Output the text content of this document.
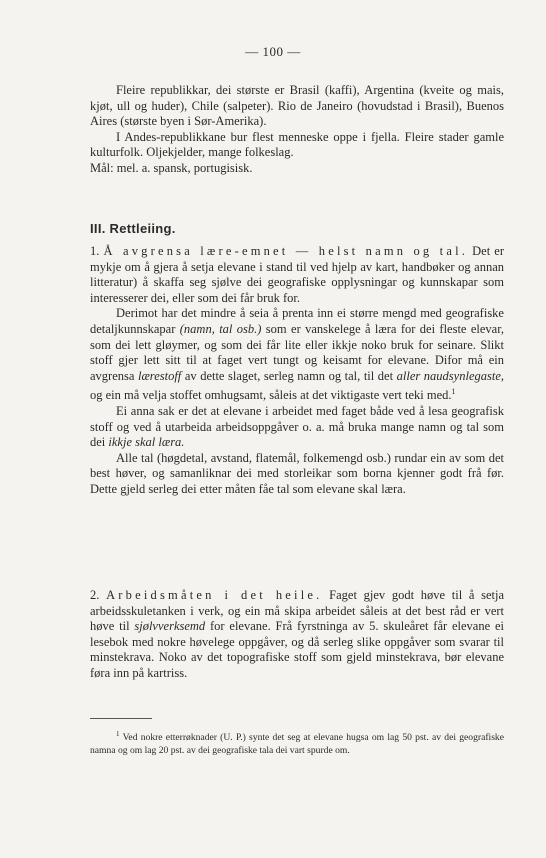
— 100 —

Fleire republikkar, dei største er Brasil (kaffi), Argentina (kveite og mais, kjøt, ull og huder), Chile (salpeter). Rio de Janeiro (hovudstad i Brasil), Buenos Aires (største byen i Sør-Amerika).

I Andes-republikkane bur flest menneske oppe i fjella. Fleire stader gamle kulturfolk. Oljekjelder, mange folkeslag.

Mål: mel. a. spansk, portugisisk.

III. Rettleiing.

1. Å avgrensa lære-emnet — helst namn og tal. Det er mykje om å gjera å setja elevane i stand til ved hjelp av kart, handbøker og annan litteratur) å skaffa seg sjølve dei geografiske opplysningar og kunnskapar som interesserer dei, eller som dei får bruk for.

Derimot har det mindre å seia å prenta inn ei større mengd med geografiske detaljkunnskapar (namn, tal osb.) som er vanskelege å læra for dei fleste elevar, som dei lett gløymer, og som dei får lite eller ikkje noko bruk for seinare. Slikt stoff gjer lett sitt til at faget vert tungt og keisamt for elevane. Difor må ein avgrensa lærestoff av dette slaget, serleg namn og tal, til det aller naudsynlegaste, og ein må velja stoffet omhugsamt, såleis at det viktigaste vert teki med.$^1$

Ei anna sak er det at elevane i arbeidet med faget både ved å lesa geografisk stoff og ved å utarbeida arbeidsoppgåver o. a. må bruka mange namn og tal som dei ikkje skal læra.

Alle tal (høgdetal, avstand, flatemål, folkemengd osb.) rundar ein av som det best høver, og samanliknar dei med storleikar som borna kjenner godt frå før. Dette gjeld serleg dei etter måten fåe tal som elevane skal læra.

2. Arbeidsmåten i det heile. Faget gjev godt høve til å setja arbeidsskuletanken i verk, og ein må skipa arbeidet såleis at det best råd er vert høve til sjølvverksemd for elevane. Frå fyrstninga av 5. skuleåret får elevane ei lesebok med nokre høvelege oppgåver, og då serleg slike oppgåver som svarar til minstekrava. Noko av det topografiske stoff som gjeld minstekrava, bør elevane føra inn på kartriss.

$^1$ Ved nokre etterrøknader (U. P.) synte det seg at elevane hugsa om lag 50 pst. av dei geografiske namna og om lag 20 pst. av dei geografiske tala dei vart spurde om.
